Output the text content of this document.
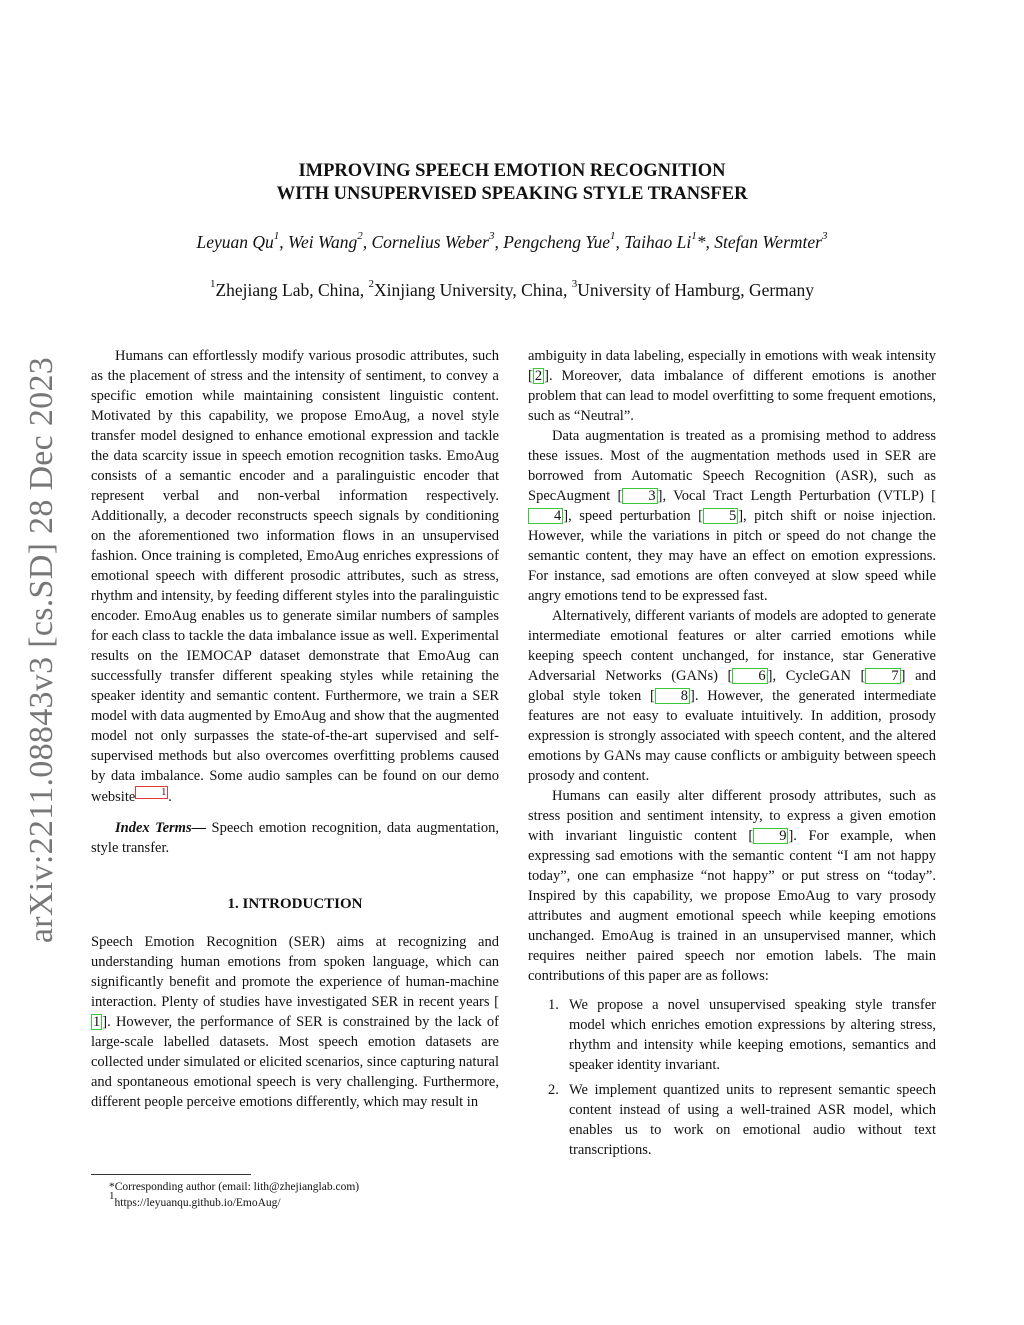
arXiv:2211.08843v3 [cs.SD] 28 Dec 2023
IMPROVING SPEECH EMOTION RECOGNITION
WITH UNSUPERVISED SPEAKING STYLE TRANSFER
Leyuan Qu$^1$, Wei Wang$^2$, Cornelius Weber$^3$, Pengcheng Yue$^1$, Taihao Li$^1$*, Stefan Wermter$^3$
$^1$Zhejiang Lab, China, $^2$Xinjiang University, China, $^3$University of Hamburg, Germany

Humans can effortlessly modify various prosodic attributes, such as the placement of stress and the intensity of sentiment, to convey a specific emotion while maintaining consistent linguistic content. Motivated by this capability, we propose EmoAug, a novel style transfer model designed to enhance emotional expression and tackle the data scarcity issue in speech emotion recognition tasks. EmoAug consists of a semantic encoder and a paralinguistic encoder that represent verbal and non-verbal information respectively. Additionally, a decoder reconstructs speech signals by conditioning on the aforementioned two information flows in an unsupervised fashion. Once training is completed, EmoAug enriches expressions of emotional speech with different prosodic attributes, such as stress, rhythm and intensity, by feeding different styles into the paralinguistic encoder. EmoAug enables us to generate similar numbers of samples for each class to tackle the data imbalance issue as well. Experimental results on the IEMOCAP dataset demonstrate that EmoAug can successfully transfer different speaking styles while retaining the speaker identity and semantic content. Furthermore, we train a SER model with data augmented by EmoAug and show that the augmented model not only surpasses the state-of-the-art supervised and self-supervised methods but also overcomes overfitting problems caused by data imbalance. Some audio samples can be found on our demo website	1 .

Index Terms— Speech emotion recognition, data augmentation, style transfer.

1. INTRODUCTION

Speech Emotion Recognition (SER) aims at recognizing and understanding human emotions from spoken language, which can significantly benefit and promote the experience of human-machine interaction. Plenty of studies have investigated SER in recent years [1 ]. However, the performance of SER is constrained by the lack of large-scale labelled datasets. Most speech emotion datasets are collected under simulated or elicited scenarios, since capturing natural and spontaneous emotional speech is very challenging. Furthermore, different people perceive emotions differently, which may result in

ambiguity in data labeling, especially in emotions with weak intensity [ 2 ]. Moreover, data imbalance of different emotions is another problem that can lead to model overfitting to some frequent emotions, such as “Neutral”.

Data augmentation is treated as a promising method to address these issues. Most of the augmentation methods used in SER are borrowed from Automatic Speech Recognition (ASR), such as SpecAugment [ 3 ], Vocal Tract Length Perturbation (VTLP) [4 ], speed perturbation [ 5 ], pitch shift or noise injection. However, while the variations in pitch or speed do not change the semantic content, they may have an effect on emotion expressions. For instance, sad emotions are often conveyed at slow speed while angry emotions tend to be expressed fast.

Alternatively, different variants of models are adopted to generate intermediate emotional features or alter carried emotions while keeping speech content unchanged, for instance, star Generative Adversarial Networks (GANs) [ 6 ], CycleGAN [ 7 ] and global style token [ 8 ]. However, the generated intermediate features are not easy to evaluate intuitively. In addition, prosody expression is strongly associated with speech content, and the altered emotions by GANs may cause conflicts or ambiguity between speech prosody and content.

Humans can easily alter different prosody attributes, such as stress position and sentiment intensity, to express a given emotion with invariant linguistic content [ 9 ]. For example, when expressing sad emotions with the semantic content “I am not happy today”, one can emphasize “not happy” or put stress on “today”. Inspired by this capability, we propose EmoAug to vary prosody attributes and augment emotional speech while keeping emotions unchanged. EmoAug is trained in an unsupervised manner, which requires neither paired speech nor emotion labels. The main contributions of this paper are as follows:

1. We propose a novel unsupervised speaking style transfer model which enriches emotion expressions by altering stress, rhythm and intensity while keeping emotions, semantics and speaker identity invariant.

2. We implement quantized units to represent semantic speech content instead of using a well-trained ASR model, which enables us to work on emotional audio without text transcriptions.

*Corresponding author (email: lith@zhejianglab.com)

$^1$https://leyuanqu.github.io/EmoAug/
